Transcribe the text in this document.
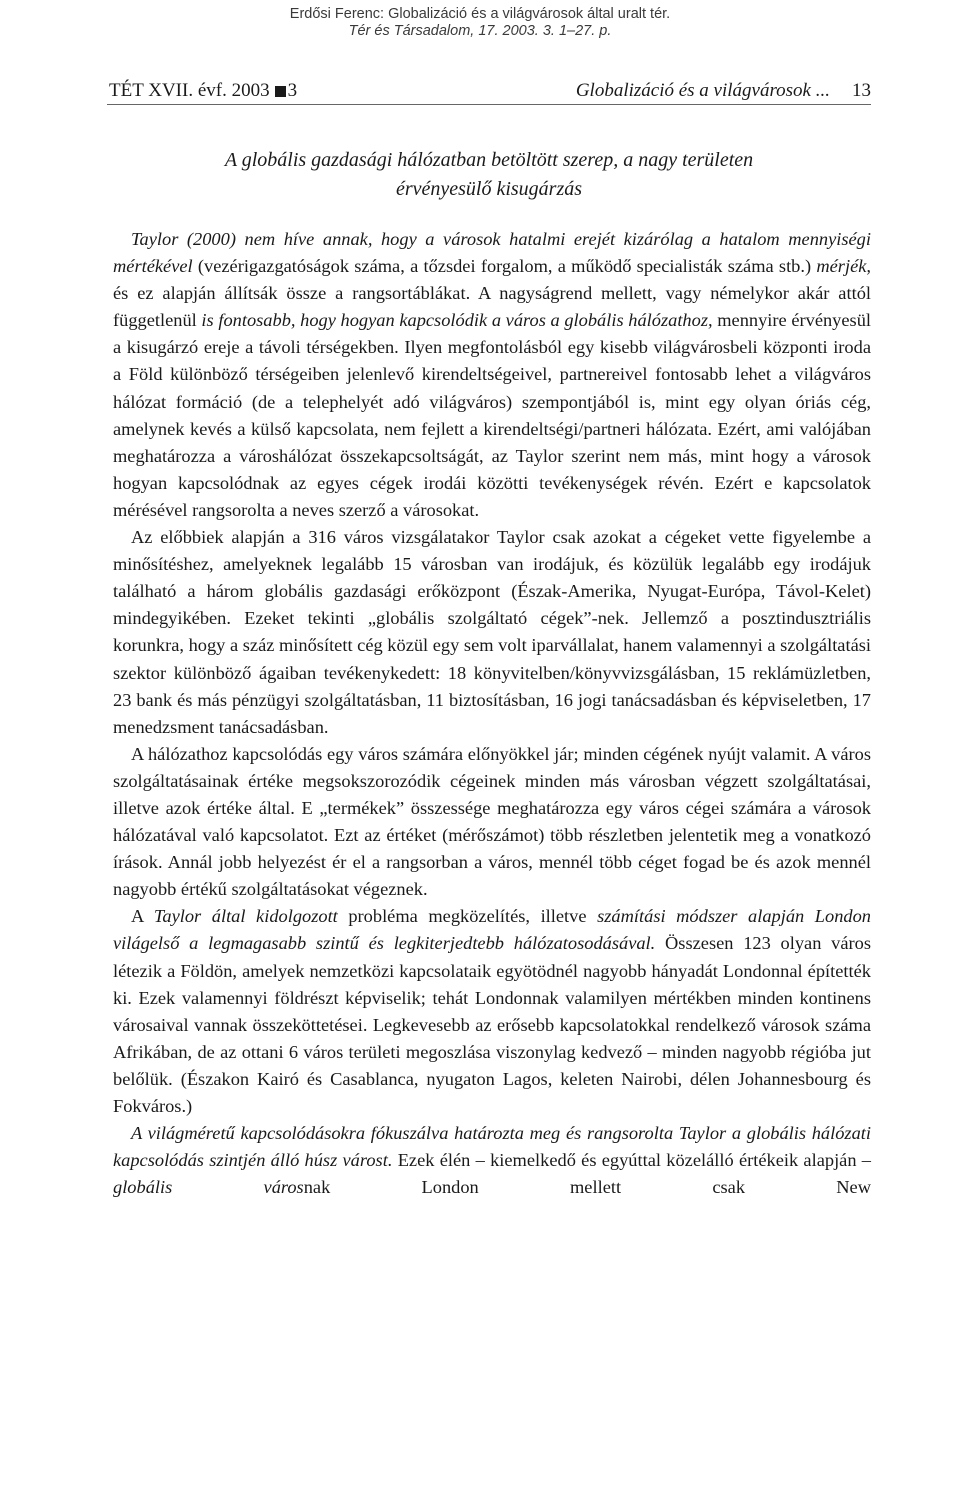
Erdősi Ferenc: Globalizáció és a világvárosok által uralt tér.
Tér és Társadalom, 17. 2003. 3. 1–27. p.
TÉT XVII. évf. 2003 3	Globalizáció és a világvárosok ... 13

A globális gazdasági hálózatban betöltött szerep, a nagy területen
érvényesülő kisugárzás

Taylor (2000) nem híve annak, hogy a városok hatalmi erejét kizárólag a hatalom mennyiségi mértékével (vezérigazgatóságok száma, a tőzsdei forgalom, a működő specialisták száma stb.) mérjék, és ez alapján állítsák össze a rangsortáblákat. A nagyságrend mellett, vagy némelykor akár attól függetlenül is fontosabb, hogy hogyan kapcsolódik a város a globális hálózathoz, mennyire érvényesül a kisugárzó ereje a távoli térségekben. Ilyen megfontolásból egy kisebb világvárosbeli központi iroda a Föld különböző térségeiben jelenlevő kirendeltségeivel, partnereivel fontosabb lehet a világváros hálózat formáció (de a telephelyét adó világváros) szempontjából is, mint egy olyan óriás cég, amelynek kevés a külső kapcsolata, nem fejlett a kirendeltségi/partneri hálózata. Ezért, ami valójában meghatározza a városhálózat összekapcsoltságát, az Taylor szerint nem más, mint hogy a városok hogyan kapcsolódnak az egyes cégek irodái közötti tevékenységek révén. Ezért e kapcsolatok mérésével rangsorolta a neves szerző a városokat.

Az előbbiek alapján a 316 város vizsgálatakor Taylor csak azokat a cégeket vette figyelembe a minősítéshez, amelyeknek legalább 15 városban van irodájuk, és közülük legalább egy irodájuk található a három globális gazdasági erőközpont (Észak-Amerika, Nyugat-Európa, Távol-Kelet) mindegyikében. Ezeket tekinti „globális szolgáltató cégek”-nek. Jellemző a posztindusztriális korunkra, hogy a száz minősített cég közül egy sem volt iparvállalat, hanem valamennyi a szolgáltatási szektor különböző ágaiban tevékenykedett: 18 könyvitelben/könyvvizsgálásban, 15 reklámüzletben, 23 bank és más pénzügyi szolgáltatásban, 11 biztosításban, 16 jogi tanácsadásban és képviseletben, 17 menedzsment tanácsadásban.

A hálózathoz kapcsolódás egy város számára előnyökkel jár; minden cégének nyújt valamit. A város szolgáltatásainak értéke megsokszorozódik cégeinek minden más városban végzett szolgáltatásai, illetve azok értéke által. E „termékek” összessége meghatározza egy város cégei számára a városok hálózatával való kapcsolatot. Ezt az értéket (mérőszámot) több részletben jelentetik meg a vonatkozó írások. Annál jobb helyezést ér el a rangsorban a város, mennél több céget fogad be és azok mennél nagyobb értékű szolgáltatásokat végeznek.

A Taylor által kidolgozott probléma megközelítés, illetve számítási módszer alapján London világelső a legmagasabb szintű és legkiterjedtebb hálózatosodásával. Összesen 123 olyan város létezik a Földön, amelyek nemzetközi kapcsolataik egyötödnél nagyobb hányadát Londonnal építették ki. Ezek valamennyi földrészt képviselik; tehát Londonnak valamilyen mértékben minden kontinens városaival vannak összeköttetései. Legkevesebb az erősebb kapcsolatokkal rendelkező városok száma Afrikában, de az ottani 6 város területi megoszlása viszonylag kedvező – minden nagyobb régióba jut belőlük. (Északon Kairó és Casablanca, nyugaton Lagos, keleten Nairobi, délen Johannesbourg és Fokváros.)

A világméretű kapcsolódásokra fókuszálva határozta meg és rangsorolta Taylor a globális hálózati kapcsolódás szintjén álló húsz várost. Ezek élén – kiemelkedő és egyúttal közelálló értékeik alapján – globális városnak London mellett csak New
